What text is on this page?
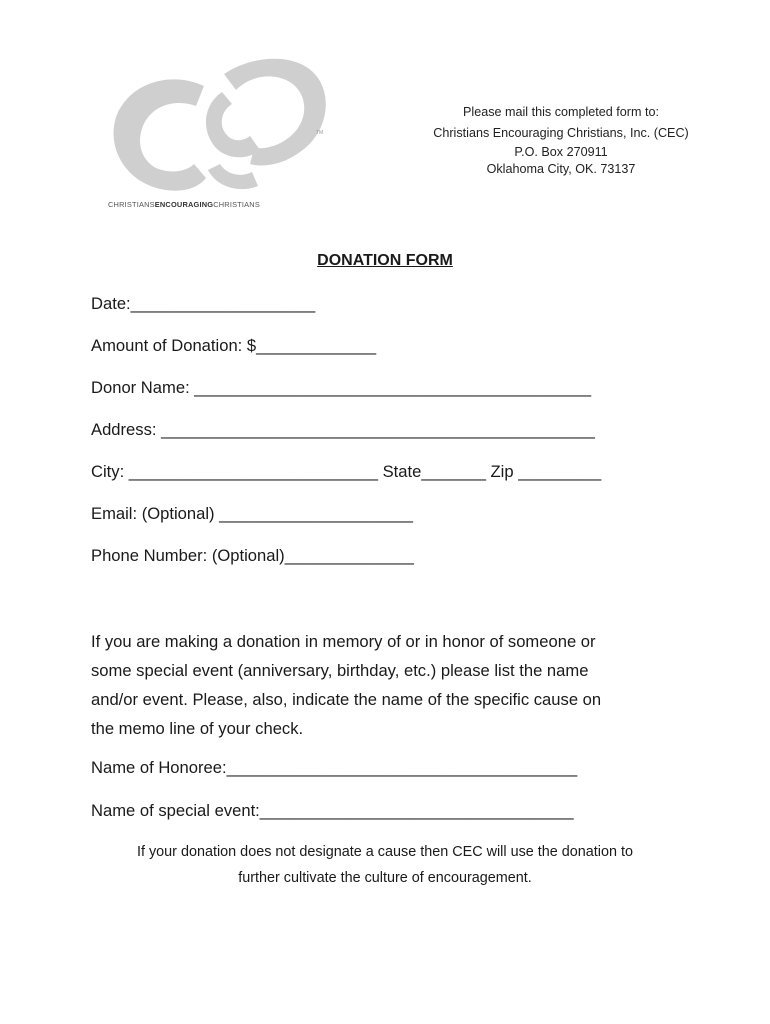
TM
CHRISTIANSENCOURAGINGCHRISTIANS
Please mail this completed form to:
Christians Encouraging Christians, Inc. (CEC)
P.O. Box 270911
Oklahoma City, OK. 73137
DONATION FORM
Date:____________________
Amount of Donation: $_____________
Donor Name: ___________________________________________
Address: _______________________________________________
City: ___________________________ State_______ Zip _________
Email: (Optional) _____________________
Phone Number: (Optional)______________
If you are making a donation in memory of or in honor of someone or
some special event (anniversary, birthday, etc.) please list the name
and/or event. Please, also, indicate the name of the specific cause on
the memo line of your check.
Name of Honoree:______________________________________
Name of special event:__________________________________
If your donation does not designate a cause then CEC will use the donation to
further cultivate the culture of encouragement.
